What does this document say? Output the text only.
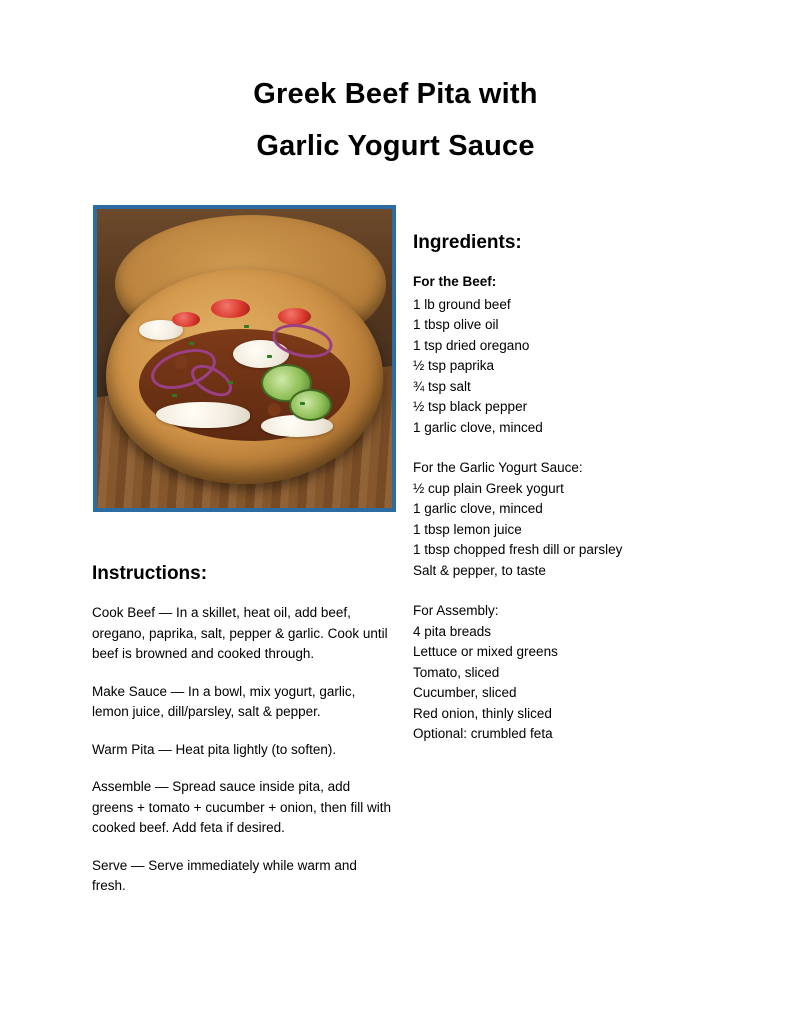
Greek Beef Pita with
Garlic Yogurt Sauce
Ingredients:
For the Beef:

1 lb ground beef

1 tbsp olive oil

1 tsp dried oregano

½ tsp paprika

¾ tsp salt

½ tsp black pepper

1 garlic clove, minced

For the Garlic Yogurt Sauce:

½ cup plain Greek yogurt

1 garlic clove, minced

1 tbsp lemon juice

1 tbsp chopped fresh dill or parsley

Salt & pepper, to taste

For Assembly:

4 pita breads

Lettuce or mixed greens

Tomato, sliced

Cucumber, sliced

Red onion, thinly sliced

Optional: crumbled feta

Instructions:

Cook Beef — In a skillet, heat oil, add beef, oregano, paprika, salt, pepper & garlic. Cook until beef is browned and cooked through.

Make Sauce — In a bowl, mix yogurt, garlic, lemon juice, dill/parsley, salt & pepper.

Warm Pita — Heat pita lightly (to soften).

Assemble — Spread sauce inside pita, add greens + tomato + cucumber + onion, then fill with cooked beef. Add feta if desired.

Serve — Serve immediately while warm and fresh.
